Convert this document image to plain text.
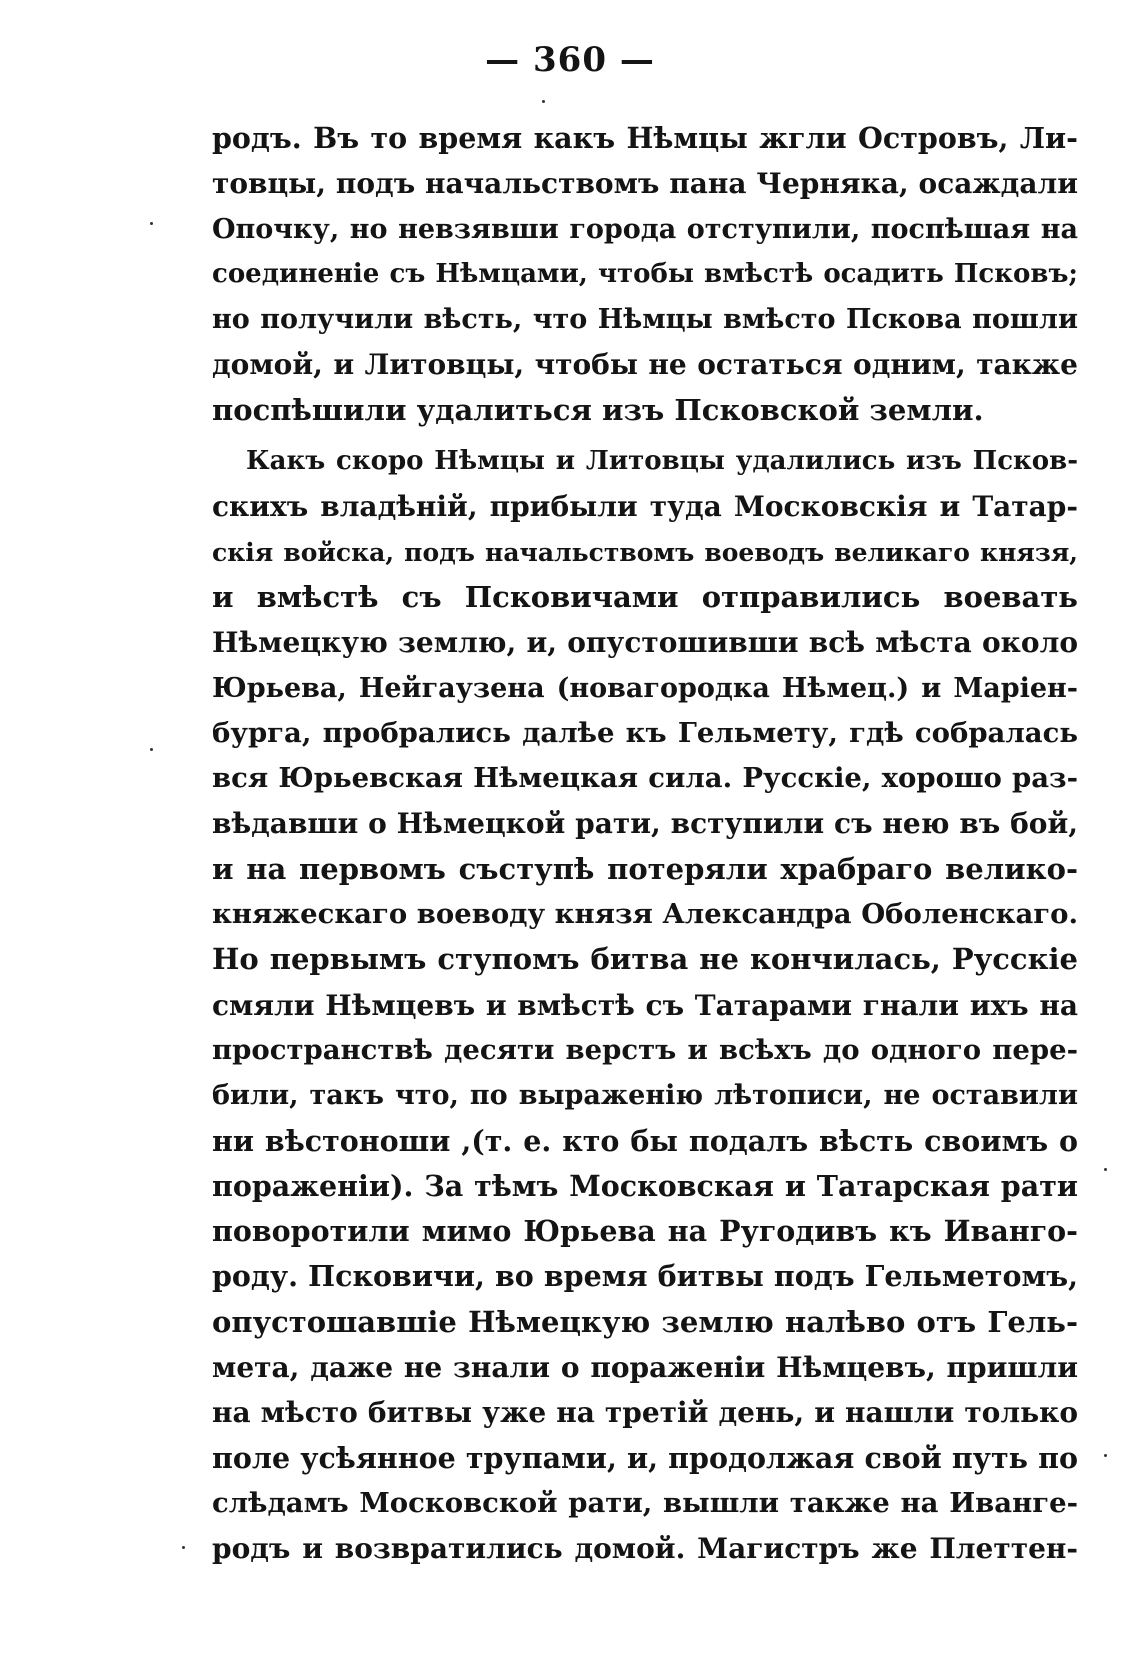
— 360 —
родъ. Въ то время какъ Нѣмцы жгли Островъ, Ли-
товцы, подъ начальствомъ пана Черняка, осаждали
Опочку, но невзявши города отступили, поспѣшая на
соединеніе съ Нѣмцами, чтобы вмѣстѣ осадить Псковъ;
но получили вѣсть, что Нѣмцы вмѣсто Пскова пошли
домой, и Литовцы, чтобы не остаться одним, также
поспѣшили удалиться изъ Псковской земли.
Какъ скоро Нѣмцы и Литовцы удалились изъ Псков-
скихъ владѣній, прибыли туда Московскія и Татар-
скія войска, подъ начальствомъ воеводъ великаго князя,
и вмѣстѣ съ Псковичами отправились воевать
Нѣмецкую землю, и, опустошивши всѣ мѣста около
Юрьева, Нейгаузена (новагородка Нѣмец.) и Маріен-
бурга, пробрались далѣе къ Гельмету, гдѣ собралась
вся Юрьевская Нѣмецкая сила. Русскіе, хорошо раз-
вѣдавши о Нѣмецкой рати, вступили съ нею въ бой,
и на первомъ съступѣ потеряли храбраго велико-
княжескаго воеводу князя Александра Оболенскаго.
Но первымъ ступомъ битва не кончилась, Русскіе
смяли Нѣмцевъ и вмѣстѣ съ Татарами гнали ихъ на
пространствѣ десяти верстъ и всѣхъ до одного пере-
били, такъ что, по выраженію лѣтописи, не оставили
ни вѣстоноши ,(т. е. кто бы подалъ вѣсть своимъ о
пораженіи). За тѣмъ Московская и Татарская рати
поворотили мимо Юрьева на Ругодивъ къ Иванго-
роду. Псковичи, во время битвы подъ Гельметомъ,
опустошавшіе Нѣмецкую землю налѣво отъ Гель-
мета, даже не знали о пораженіи Нѣмцевъ, пришли
на мѣсто битвы уже на третій день, и нашли только
поле усѣянное трупами, и, продолжая свой путь по
слѣдамъ Московской рати, вышли также на Иванге-
родъ и возвратились домой. Магистръ же Плеттен-
